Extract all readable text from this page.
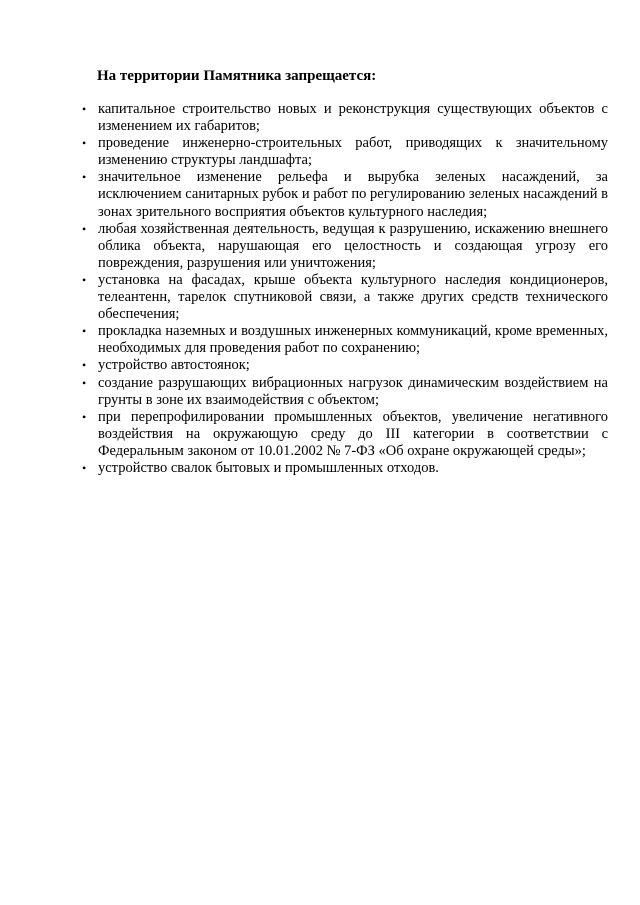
На территории Памятника запрещается:

• капитальное строительство новых и реконструкция существующих объектов с изменением их габаритов;
• проведение инженерно-строительных работ, приводящих к значительному изменению структуры ландшафта;
• значительное изменение рельефа и вырубка зеленых насаждений, за исключением санитарных рубок и работ по регулированию зеленых насаждений в зонах зрительного восприятия объектов культурного наследия;
• любая хозяйственная деятельность, ведущая к разрушению, искажению внешнего облика объекта, нарушающая его целостность и создающая угрозу его повреждения, разрушения или уничтожения;
• установка на фасадах, крыше объекта культурного наследия кондиционеров, телеантенн, тарелок спутниковой связи, а также других средств технического обеспечения;
• прокладка наземных и воздушных инженерных коммуникаций, кроме временных, необходимых для проведения работ по сохранению;
• устройство автостоянок;
• создание разрушающих вибрационных нагрузок динамическим воздействием на грунты в зоне их взаимодействия с объектом;
• при перепрофилировании промышленных объектов, увеличение негативного воздействия на окружающую среду до III категории в соответствии с Федеральным законом от 10.01.2002 № 7-ФЗ «Об охране окружающей среды»;
• устройство свалок бытовых и промышленных отходов.
